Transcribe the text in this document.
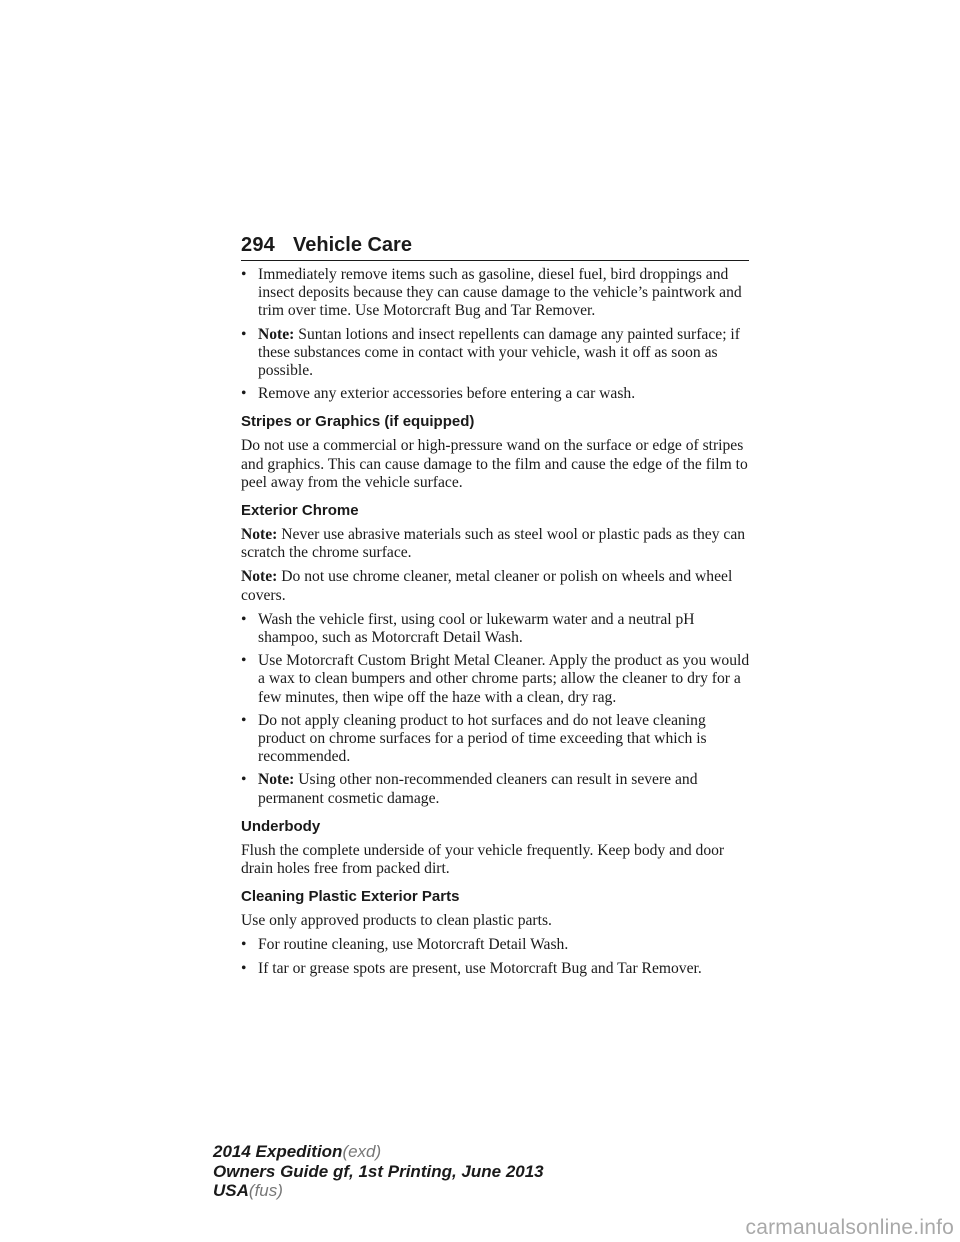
294 Vehicle Care
• Immediately remove items such as gasoline, diesel fuel, bird droppings and insect deposits because they can cause damage to the vehicle’s paintwork and trim over time. Use Motorcraft Bug and Tar Remover.
• Note: Suntan lotions and insect repellents can damage any painted surface; if these substances come in contact with your vehicle, wash it off as soon as possible.
• Remove any exterior accessories before entering a car wash.
Stripes or Graphics (if equipped)

Do not use a commercial or high-pressure wand on the surface or edge of stripes and graphics. This can cause damage to the film and cause the edge of the film to peel away from the vehicle surface.

Exterior Chrome

Note: Never use abrasive materials such as steel wool or plastic pads as they can scratch the chrome surface.

Note: Do not use chrome cleaner, metal cleaner or polish on wheels and wheel covers.

• Wash the vehicle first, using cool or lukewarm water and a neutral pH shampoo, such as Motorcraft Detail Wash.
• Use Motorcraft Custom Bright Metal Cleaner. Apply the product as you would a wax to clean bumpers and other chrome parts; allow the cleaner to dry for a few minutes, then wipe off the haze with a clean, dry rag.
• Do not apply cleaning product to hot surfaces and do not leave cleaning product on chrome surfaces for a period of time exceeding that which is recommended.
• Note: Using other non-recommended cleaners can result in severe and permanent cosmetic damage.
Underbody

Flush the complete underside of your vehicle frequently. Keep body and door drain holes free from packed dirt.

Cleaning Plastic Exterior Parts

Use only approved products to clean plastic parts.

• For routine cleaning, use Motorcraft Detail Wash.
• If tar or grease spots are present, use Motorcraft Bug and Tar Remover.
2014 Expedition(exd)
Owners Guide gf, 1st Printing, June 2013
USA(fus)
carmanualsonline.info
